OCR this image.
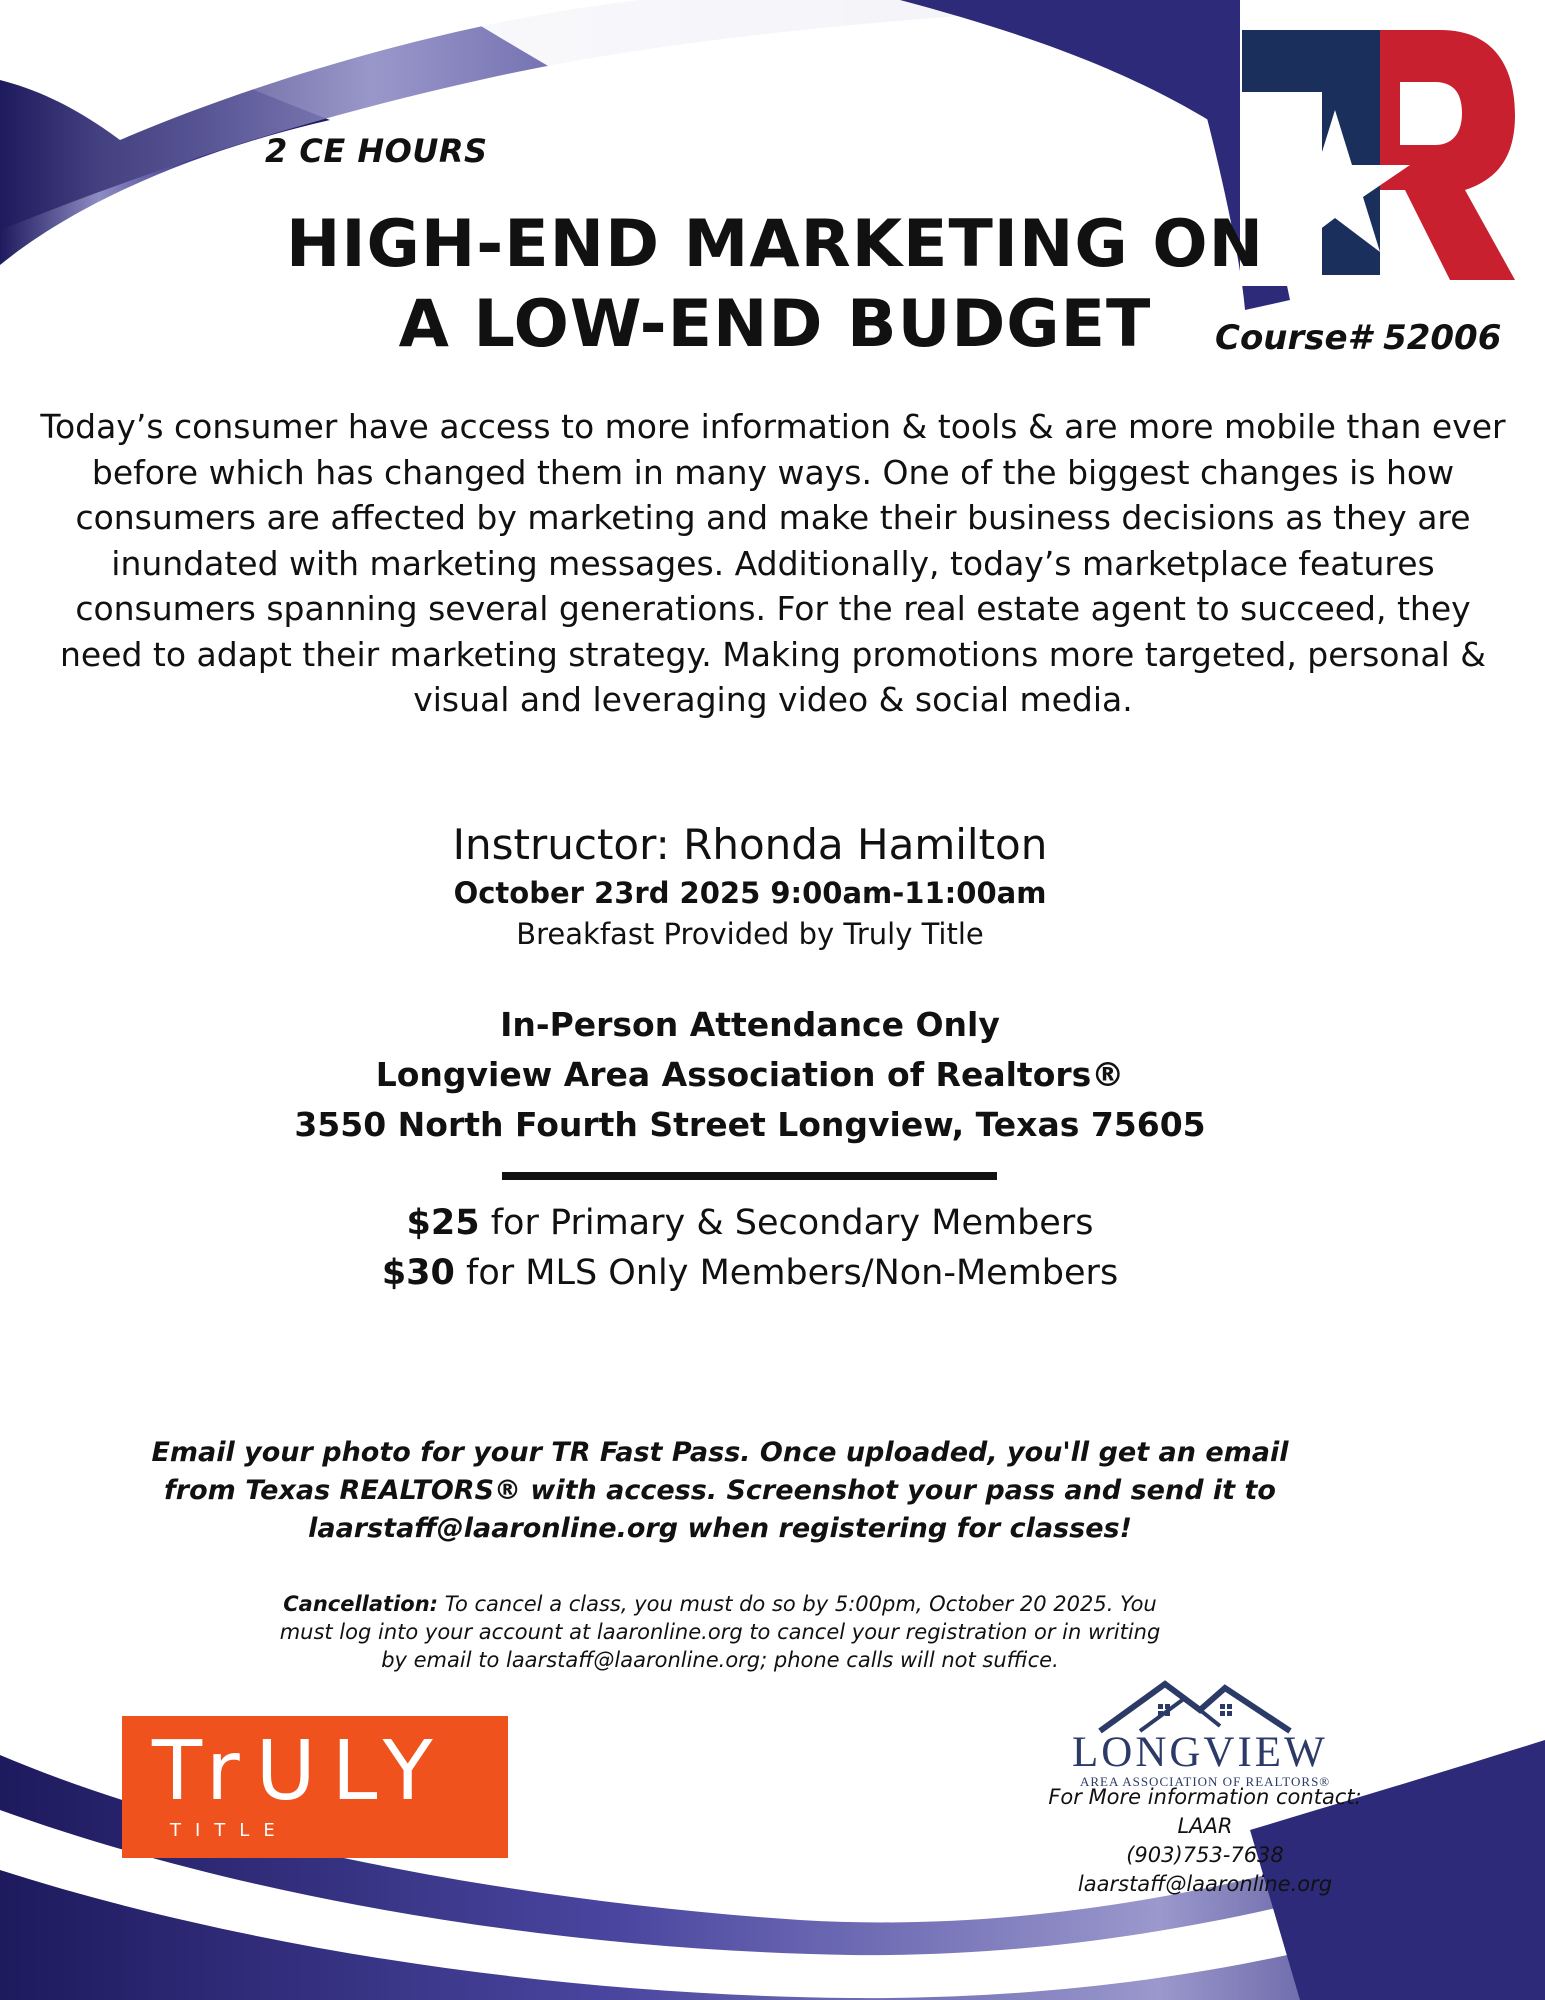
2 CE HOURS
HIGH-END MARKETING ON
A LOW-END BUDGET	Course# 52006
Today’s consumer have access to more information & tools & are more mobile than ever
before which has changed them in many ways. One of the biggest changes is how
consumers are affected by marketing and make their business decisions as they are
inundated with marketing messages. Additionally, today’s marketplace features
consumers spanning several generations. For the real estate agent to succeed, they
need to adapt their marketing strategy. Making promotions more targeted, personal &
visual and leveraging video & social media.
Instructor: Rhonda Hamilton
October 23rd 2025 9:00am-11:00am
Breakfast Provided by Truly Title
In-Person Attendance Only
Longview Area Association of Realtors®
3550 North Fourth Street Longview, Texas 75605
$25 for Primary & Secondary Members
$30 for MLS Only Members/Non-Members
Email your photo for your TR Fast Pass. Once uploaded, you'll get an email
from Texas REALTORS® with access. Screenshot your pass and send it to
laarstaff@laaronline.org when registering for classes!
Cancellation: To cancel a class, you must do so by 5:00pm, October 20 2025. You
must log into your account at laaronline.org to cancel your registration or in writing
by email to laarstaff@laaronline.org; phone calls will not suffice.
TrULY
TITLE
LONGVIEW
AREA ASSOCIATION OF REALTORS®
For More information contact:
LAAR
(903)753-7638
laarstaff@laaronline.org
